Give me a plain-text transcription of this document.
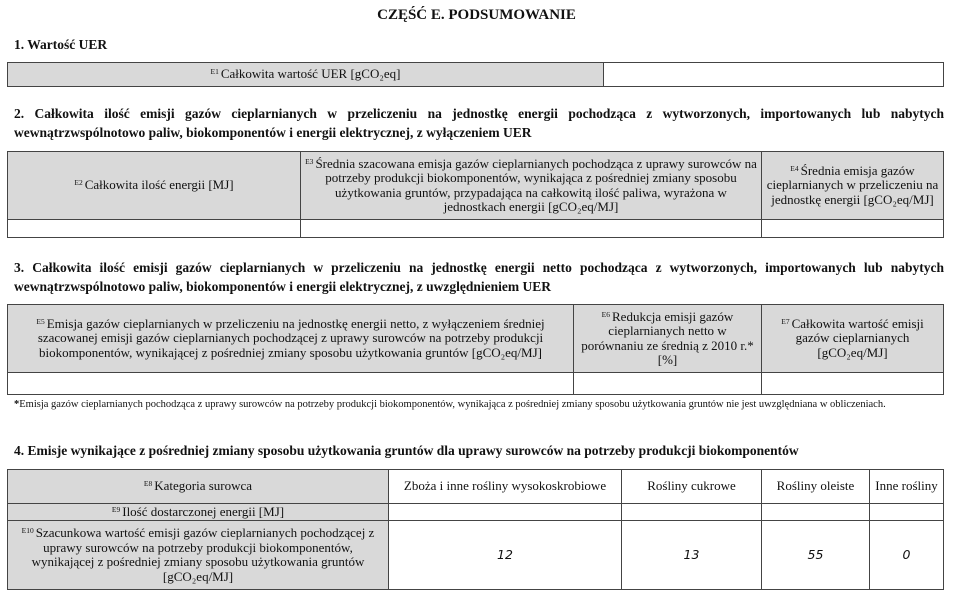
CZĘŚĆ E. PODSUMOWANIE
1. Wartość UER
$^{E1}$ Całkowita wartość UER [gCO₂eq]	
2. Całkowita ilość emisji gazów cieplarnianych w przeliczeniu na jednostkę energii pochodząca z wytworzonych, importowanych lub nabytych wewnątrzwspólnotowo paliw, biokomponentów i energii elektrycznej, z wyłączeniem UER
$^{E2}$ Całkowita ilość energii [MJ]	$^{E3}$ Średnia szacowana emisja gazów cieplarnianych pochodząca z uprawy surowców na potrzeby produkcji biokomponentów, wynikająca z pośredniej zmiany sposobu użytkowania gruntów, przypadająca na całkowitą ilość paliwa, wyrażona w jednostkach energii [gCO₂eq/MJ]	$^{E4}$ Średnia emisja gazów cieplarnianych w przeliczeniu na jednostkę energii [gCO₂eq/MJ]

3. Całkowita ilość emisji gazów cieplarnianych w przeliczeniu na jednostkę energii netto pochodząca z wytworzonych, importowanych lub nabytych wewnątrzwspólnotowo paliw, biokomponentów i energii elektrycznej, z uwzględnieniem UER
$^{E5}$ Emisja gazów cieplarnianych w przeliczeniu na jednostkę energii netto, z wyłączeniem średniej szacowanej emisji gazów cieplarnianych pochodzącej z uprawy surowców na potrzeby produkcji biokomponentów, wynikającej z pośredniej zmiany sposobu użytkowania gruntów [gCO₂eq/MJ]	$^{E6}$ Redukcja emisji gazów cieplarnianych netto w porównaniu ze średnią z 2010 r.* [%]	$^{E7}$ Całkowita wartość emisji gazów cieplarnianych [gCO₂eq/MJ]

*Emisja gazów cieplarnianych pochodząca z uprawy surowców na potrzeby produkcji biokomponentów, wynikająca z pośredniej zmiany sposobu użytkowania gruntów nie jest uwzględniana w obliczeniach.
4. Emisje wynikające z pośredniej zmiany sposobu użytkowania gruntów dla uprawy surowców na potrzeby produkcji biokomponentów
$^{E8}$ Kategoria surowca	Zboża i inne rośliny wysokoskrobiowe	Rośliny cukrowe	Rośliny oleiste	Inne rośliny
$^{E9}$ Ilość dostarczonej energii [MJ]				
$^{E10}$ Szacunkowa wartość emisji gazów cieplarnianych pochodzącej z uprawy surowców na potrzeby produkcji biokomponentów, wynikającej z pośredniej zmiany sposobu użytkowania gruntów [gCO₂eq/MJ]	12	13	55	0
